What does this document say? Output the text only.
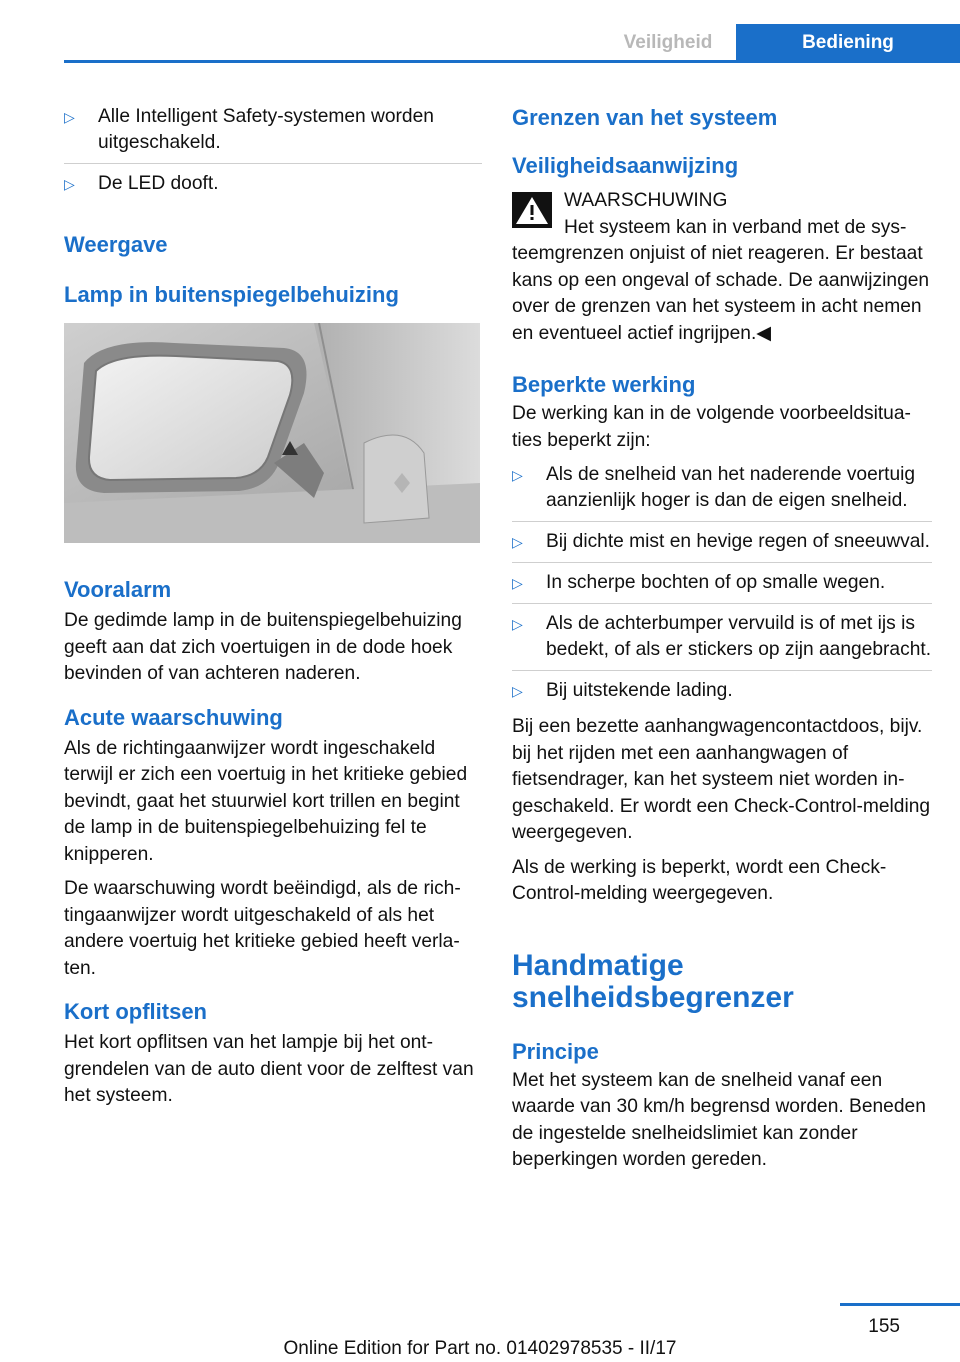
Veiligheid	Bediening

▷ Alle Intelligent Safety-systemen worden uitgeschakeld.

▷ De LED dooft.

Weergave

Lamp in buitenspiegelbehuizing

Vooralarm

De gedimde lamp in de buitenspiegelbehuizing geeft aan dat zich voertuigen in de dode hoek bevinden of van achteren naderen.

Acute waarschuwing

Als de richtingaanwijzer wordt ingeschakeld terwijl er zich een voertuig in het kritieke gebied bevindt, gaat het stuurwiel kort trillen en begint de lamp in de buitenspiegelbehuizing fel te knipperen.

De waarschuwing wordt beëindigd, als de richtingaanwijzer wordt uitgeschakeld of als het andere voertuig het kritieke gebied heeft verlaten.

Kort opflitsen

Het kort opflitsen van het lampje bij het ontgrendelen van de auto dient voor de zelftest van het systeem.

Grenzen van het systeem

Veiligheidsaanwijzing

WAARSCHUWING
Het systeem kan in verband met de systeemgrenzen onjuist of niet reageren. Er bestaat kans op een ongeval of schade. De aanwijzingen over de grenzen van het systeem in acht nemen en eventueel actief ingrijpen.◀

Beperkte werking

De werking kan in de volgende voorbeeldsituaties beperkt zijn:

▷ Als de snelheid van het naderende voertuig aanzienlijk hoger is dan de eigen snelheid.

▷ Bij dichte mist en hevige regen of sneeuwval.

▷ In scherpe bochten of op smalle wegen.

▷ Als de achterbumper vervuild is of met ijs is bedekt, of als er stickers op zijn aangebracht.

▷ Bij uitstekende lading.

Bij een bezette aanhangwagencontactdoos, bijv. bij het rijden met een aanhangwagen of fietsendrager, kan het systeem niet worden ingeschakeld. Er wordt een Check-Control-melding weergegeven.

Als de werking is beperkt, wordt een Check-Control-melding weergegeven.

Handmatige snelheidsbegrenzer

Principe

Met het systeem kan de snelheid vanaf een waarde van 30 km/h begrensd worden. Beneden de ingestelde snelheidslimiet kan zonder beperkingen worden gereden.

155
Online Edition for Part no. 01402978535 - II/17
